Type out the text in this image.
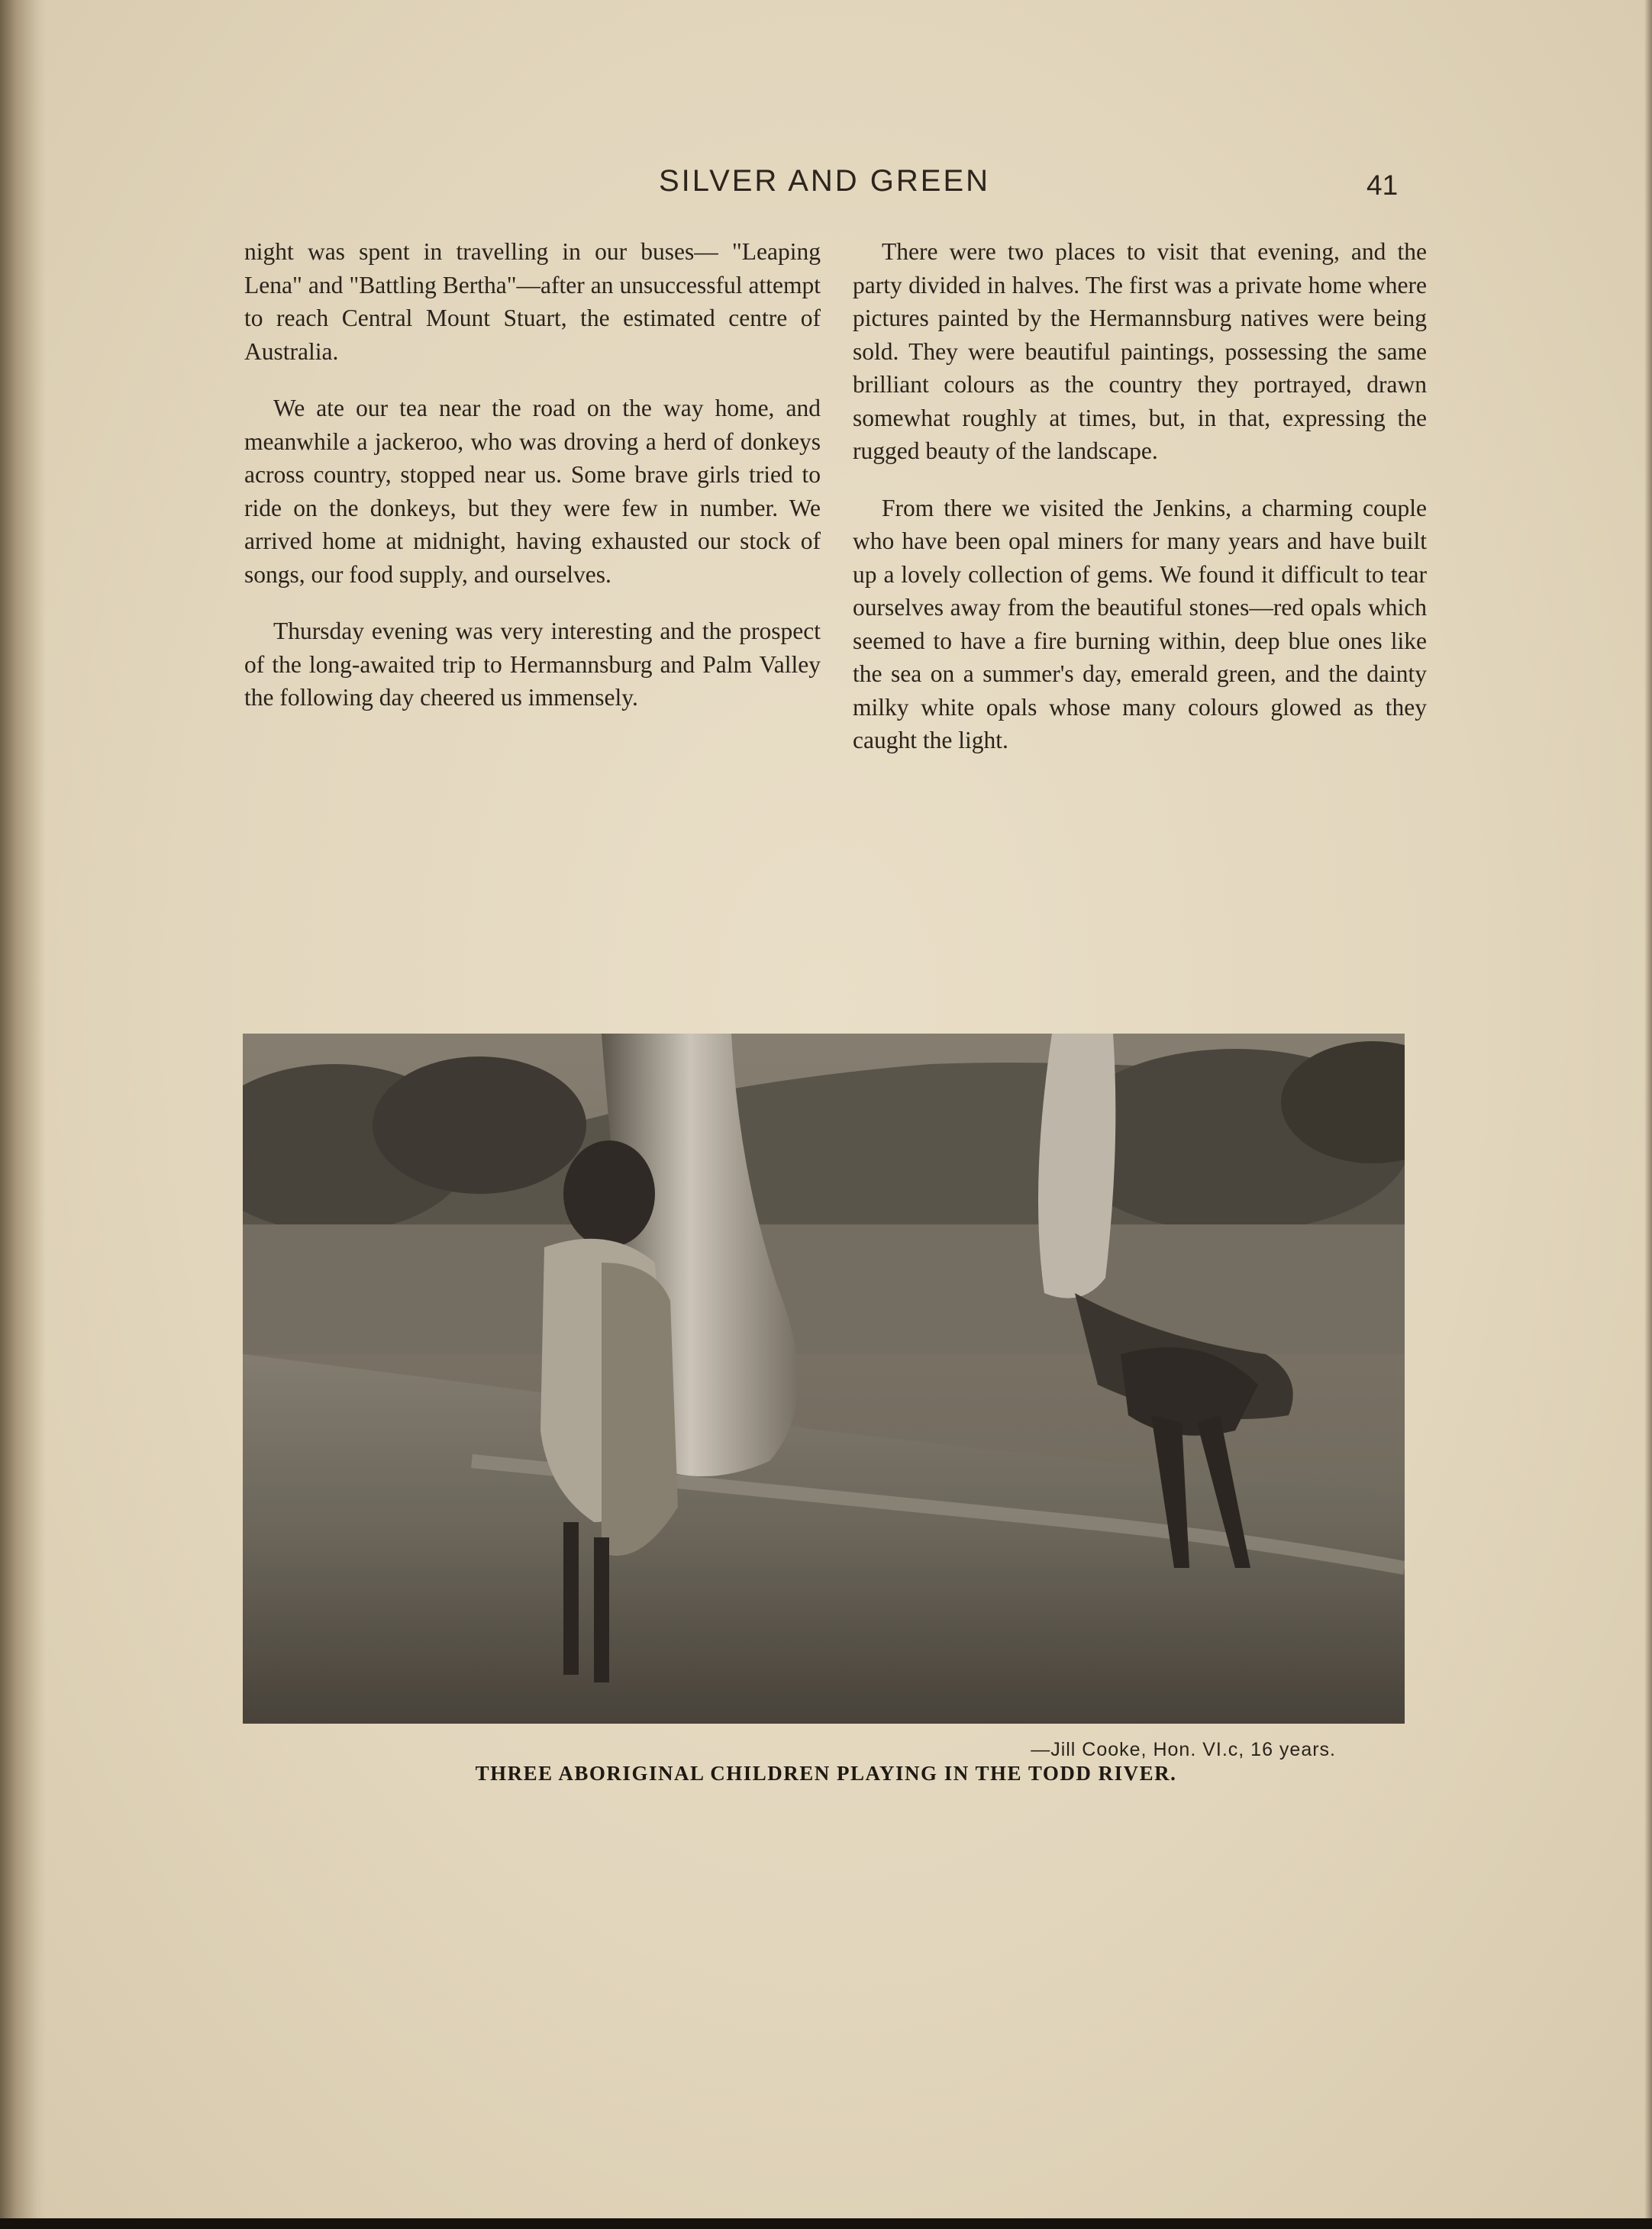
SILVER AND GREEN	41

night was spent in travelling in our buses— "Leaping Lena" and "Battling Bertha"—after an unsuccessful attempt to reach Central Mount Stuart, the estimated centre of Australia.

We ate our tea near the road on the way home, and meanwhile a jackeroo, who was droving a herd of donkeys across country, stopped near us. Some brave girls tried to ride on the donkeys, but they were few in number. We arrived home at midnight, having exhausted our stock of songs, our food supply, and ourselves.

Thursday evening was very interesting and the prospect of the long-awaited trip to Hermannsburg and Palm Valley the following day cheered us immensely.

There were two places to visit that evening, and the party divided in halves. The first was a private home where pictures painted by the Hermannsburg natives were being sold. They were beautiful paintings, possessing the same brilliant colours as the country they portrayed, drawn somewhat roughly at times, but, in that, expressing the rugged beauty of the landscape.

From there we visited the Jenkins, a charming couple who have been opal miners for many years and have built up a lovely collection of gems. We found it difficult to tear ourselves away from the beautiful stones—red opals which seemed to have a fire burning within, deep blue ones like the sea on a summer's day, emerald green, and the dainty milky white opals whose many colours glowed as they caught the light.

—Jill Cooke, Hon. VI.c, 16 years.
THREE ABORIGINAL CHILDREN PLAYING IN THE TODD RIVER.
